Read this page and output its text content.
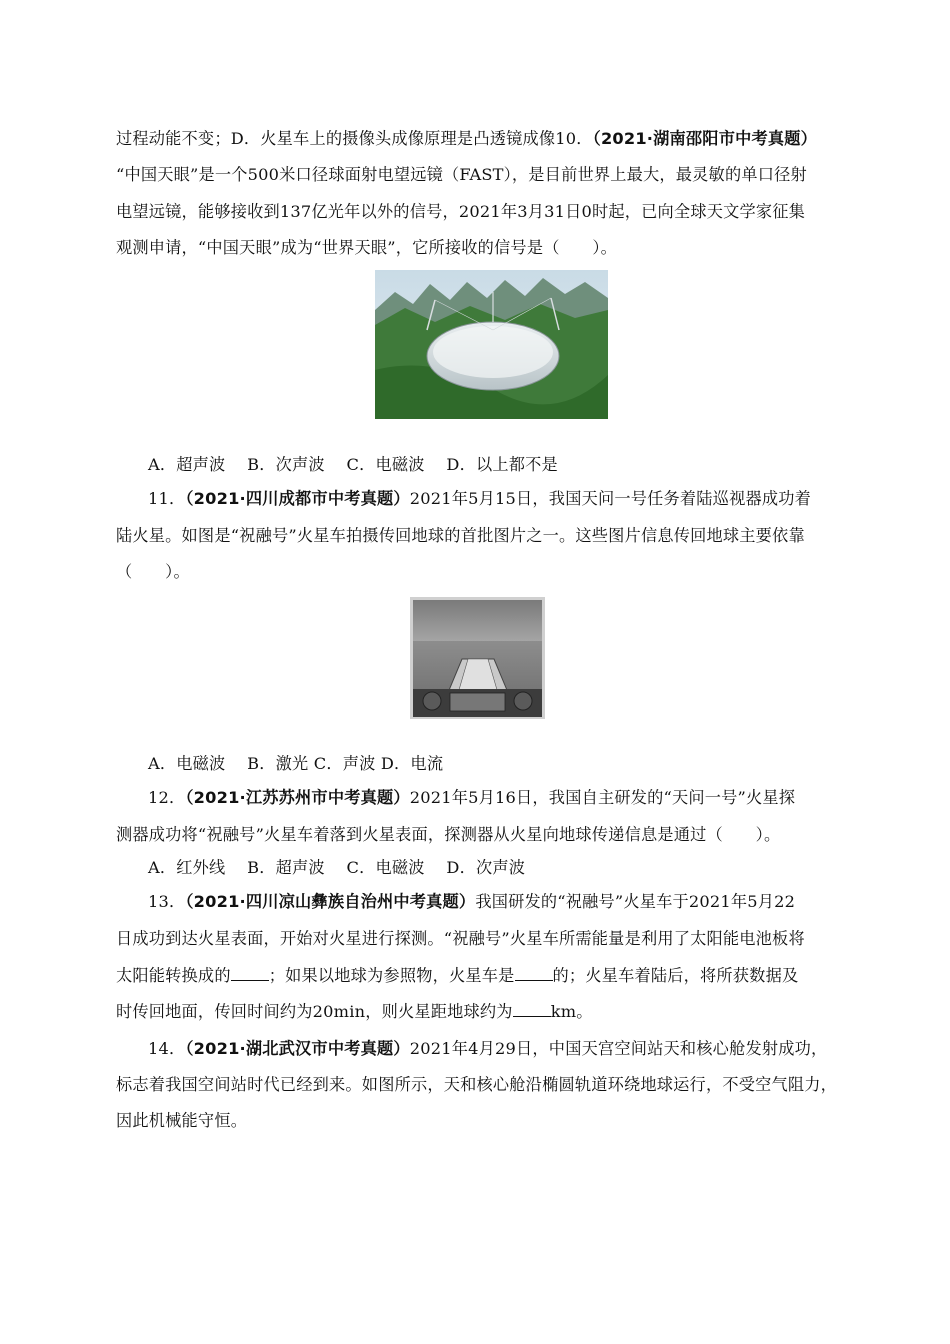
过程动能不变；D．火星车上的摄像头成像原理是凸透镜成像10．（2021·湖南邵阳市中考真题）
“中国天眼”是一个500米口径球面射电望远镜（FAST），是目前世界上最大，最灵敏的单口径射
电望远镜，能够接收到137亿光年以外的信号，2021年3月31日0时起，已向全球天文学家征集
观测申请，“中国天眼”成为“世界天眼”，它所接收的信号是（　　）。
A．超声波　 B．次声波　 C．电磁波　 D．以上都不是
11．（2021·四川成都市中考真题）2021年5月15日，我国天问一号任务着陆巡视器成功着
陆火星。如图是“祝融号”火星车拍摄传回地球的首批图片之一。这些图片信息传回地球主要依靠
（　　）。
A．电磁波　 B．激光 C．声波 D．电流
12．（2021·江苏苏州市中考真题）2021年5月16日，我国自主研发的“天问一号”火星探
测器成功将“祝融号”火星车着落到火星表面，探测器从火星向地球传递信息是通过（　　）。
A．红外线　 B．超声波　 C．电磁波　 D．次声波
13．（2021·四川凉山彝族自治州中考真题）我国研发的“祝融号”火星车于2021年5月22
日成功到达火星表面，开始对火星进行探测。“祝融号”火星车所需能量是利用了太阳能电池板将
太阳能转换成的 ；如果以地球为参照物，火星车是 的；火星车着陆后，将所获数据及
时传回地面，传回时间约为20min，则火星距地球约为 km。
14．（2021·湖北武汉市中考真题）2021年4月29日，中国天宫空间站天和核心舱发射成功，
标志着我国空间站时代已经到来。如图所示，天和核心舱沿椭圆轨道环绕地球运行，不受空气阻力，
因此机械能守恒。
